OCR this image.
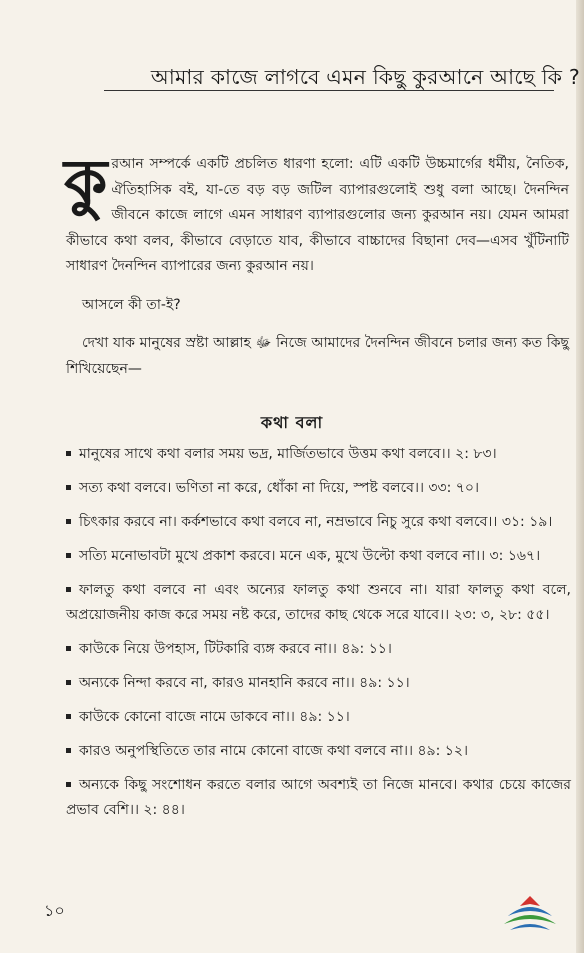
আমার কাজে লাগবে এমন কিছু কুরআনে আছে কি ?

কুরআন সম্পর্কে একটি প্রচলিত ধারণা হলো: এটি একটি উচ্চমার্গের ধর্মীয়, নৈতিক, ঐতিহাসিক বই, যা-তে বড় বড় জটিল ব্যাপারগুলোই শুধু বলা আছে। দৈনন্দিন জীবনে কাজে লাগে এমন সাধারণ ব্যাপারগুলোর জন্য কুরআন নয়। যেমন আমরা কীভাবে কথা বলব, কীভাবে বেড়াতে যাব, কীভাবে বাচ্চাদের বিছানা দেব—এসব খুঁটিনাটি সাধারণ দৈনন্দিন ব্যাপারের জন্য কুরআন নয়।

আসলে কী তা-ই?

দেখা যাক মানুষের স্রষ্টা আল্লাহ ﷻ নিজে আমাদের দৈনন্দিন জীবনে চলার জন্য কত কিছু শিখিয়েছেন—

কথা বলা
মানুষের সাথে কথা বলার সময় ভদ্র, মার্জিতভাবে উত্তম কথা বলবে।। ২: ৮৩।
সত্য কথা বলবে। ভণিতা না করে, ধোঁকা না দিয়ে, স্পষ্ট বলবে।। ৩৩: ৭০।
চিৎকার করবে না। কর্কশভাবে কথা বলবে না, নম্রভাবে নিচু সুরে কথা বলবে।। ৩১: ১৯।
সত্যি মনোভাবটা মুখে প্রকাশ করবে। মনে এক, মুখে উল্টো কথা বলবে না।। ৩: ১৬৭।
ফালতু কথা বলবে না এবং অন্যের ফালতু কথা শুনবে না। যারা ফালতু কথা বলে, অপ্রয়োজনীয় কাজ করে সময় নষ্ট করে, তাদের কাছ থেকে সরে যাবে।। ২৩: ৩, ২৮: ৫৫।
কাউকে নিয়ে উপহাস, টিটকারি ব্যঙ্গ করবে না।। ৪৯: ১১।
অন্যকে নিন্দা করবে না, কারও মানহানি করবে না।। ৪৯: ১১।
কাউকে কোনো বাজে নামে ডাকবে না।। ৪৯: ১১।
কারও অনুপস্থিতিতে তার নামে কোনো বাজে কথা বলবে না।। ৪৯: ১২।
অন্যকে কিছু সংশোধন করতে বলার আগে অবশ্যই তা নিজে মানবে। কথার চেয়ে কাজের প্রভাব বেশি।। ২: ৪৪।
১০
